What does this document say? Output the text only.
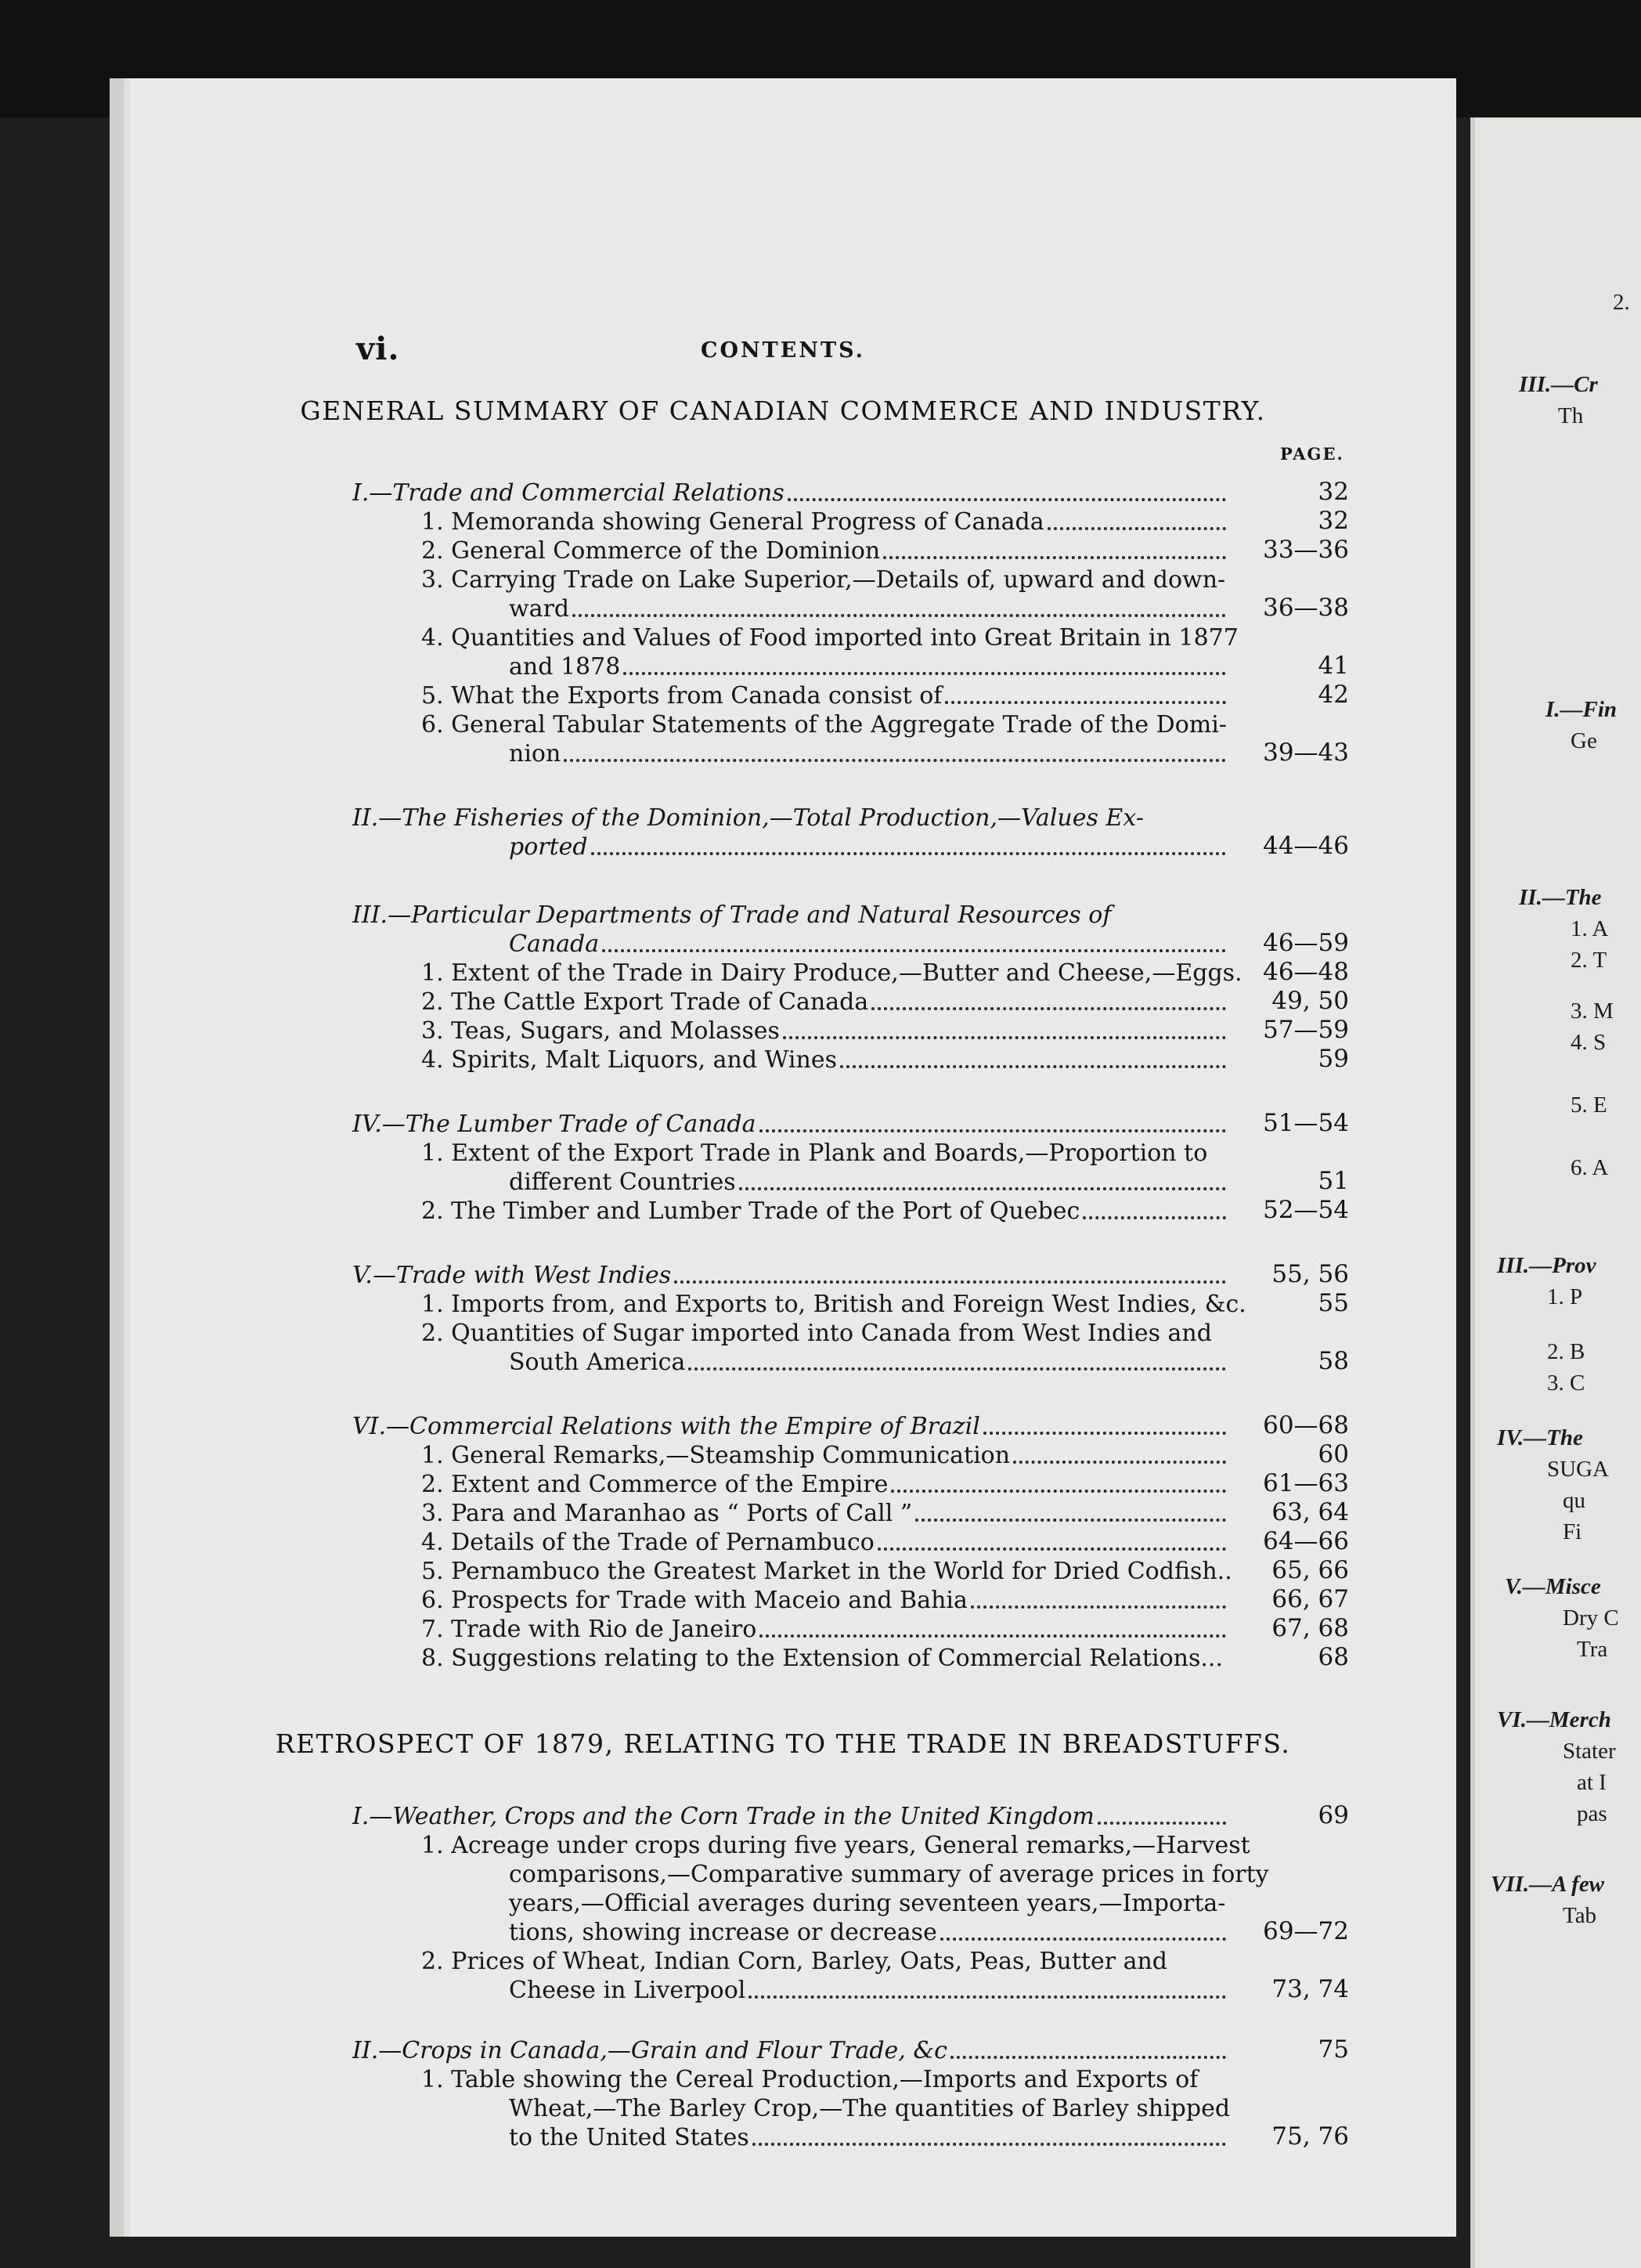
vi.	CONTENTS.
GENERAL SUMMARY OF CANADIAN COMMERCE AND INDUSTRY.
PAGE.
I.—Trade and Commercial Relations	32
1. Memoranda showing General Progress of Canada	32
2. General Commerce of the Dominion	33—36
3. Carrying Trade on Lake Superior,—Details of, upward and down-
ward	36—38
4. Quantities and Values of Food imported into Great Britain in 1877
and 1878	41
5. What the Exports from Canada consist of	42
6. General Tabular Statements of the Aggregate Trade of the Domi-
nion	39—43
II.—The Fisheries of the Dominion,—Total Production,—Values Ex-
ported	44—46
III.—Particular Departments of Trade and Natural Resources of
Canada	46—59
1. Extent of the Trade in Dairy Produce,—Butter and Cheese,—Eggs. 46—48
2. The Cattle Export Trade of Canada	49, 50
3. Teas, Sugars, and Molasses	57—59
4. Spirits, Malt Liquors, and Wines	59
IV.—The Lumber Trade of Canada	51—54
1. Extent of the Export Trade in Plank and Boards,—Proportion to
different Countries	51
2. The Timber and Lumber Trade of the Port of Quebec	52—54
V.—Trade with West Indies	55, 56
1. Imports from, and Exports to, British and Foreign West Indies, &c.	55
2. Quantities of Sugar imported into Canada from West Indies and
South America	58
VI.—Commercial Relations with the Empire of Brazil	60—68
1. General Remarks,—Steamship Communication	60
2. Extent and Commerce of the Empire	61—63
3. Para and Maranhao as “ Ports of Call ”	63, 64
4. Details of the Trade of Pernambuco	64—66
5. Pernambuco the Greatest Market in the World for Dried Codfish..	65, 66
6. Prospects for Trade with Maceio and Bahia	66, 67
7. Trade with Rio de Janeiro	67, 68
8. Suggestions relating to the Extension of Commercial Relations...	68
I.—Weather, Crops and the Corn Trade in the United Kingdom	69
1. Acreage under crops during five years, General remarks,—Harvest
comparisons,—Comparative summary of average prices in forty
years,—Official averages during seventeen years,—Importa-
tions, showing increase or decrease	69—72
2. Prices of Wheat, Indian Corn, Barley, Oats, Peas, Butter and
Cheese in Liverpool	73, 74
II.—Crops in Canada,—Grain and Flour Trade, &c	75
1. Table showing the Cereal Production,—Imports and Exports of
Wheat,—The Barley Crop,—The quantities of Barley shipped
to the United States	75, 76
RETROSPECT OF 1879, RELATING TO THE TRADE IN BREADSTUFFS.
2.
III.—Cr
Th
I.—Fin
Ge
II.—The
1. A
2. T
3. M
4. S
5. E
6. A
III.—Prov
1. P
2. B
3. C
IV.—The
SUGA
qu
Fi
V.—Misce
Dry C
Tra
VI.—Merch
Stater
at I
pas
VII.—A few
Tab
